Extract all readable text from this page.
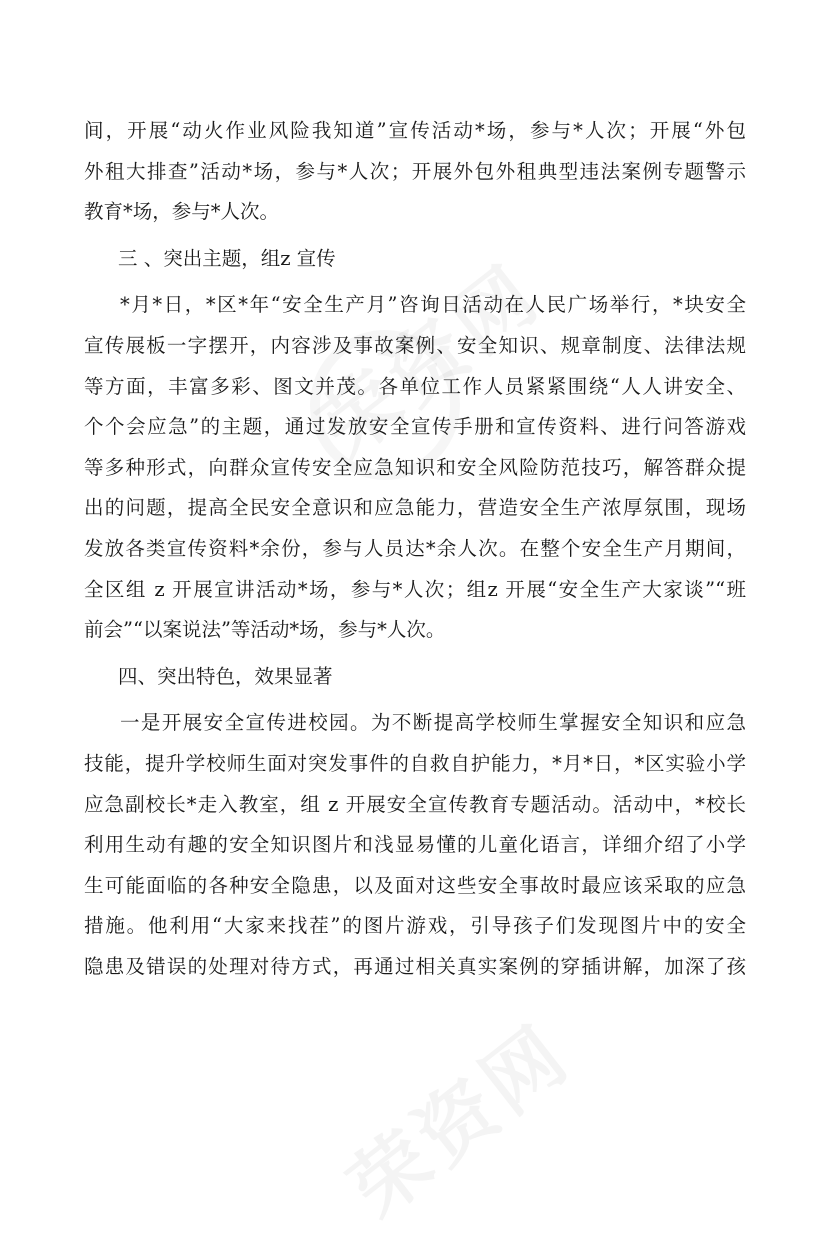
间，开展“动火作业风险我知道”宣传活动*场，参与*人次；开展“外包
外租大排查”活动*场，参与*人次；开展外包外租典型违法案例专题警示
教育*场，参与*人次。
三 、突出主题，组z 宣传
*月*日，*区*年“安全生产月”咨询日活动在人民广场举行，*块安全
宣传展板一字摆开，内容涉及事故案例、安全知识、规章制度、法律法规
等方面，丰富多彩、图文并茂。各单位工作人员紧紧围绕“人人讲安全、
个个会应急”的主题，通过发放安全宣传手册和宣传资料、进行问答游戏
等多种形式，向群众宣传安全应急知识和安全风险防范技巧，解答群众提
出的问题，提高全民安全意识和应急能力，营造安全生产浓厚氛围，现场
发放各类宣传资料*余份，参与人员达*余人次。在整个安全生产月期间，
全区组 z 开展宣讲活动*场，参与*人次；组z 开展“安全生产大家谈”“班
前会”“以案说法”等活动*场，参与*人次。
四、突出特色，效果显著
一是开展安全宣传进校园。为不断提高学校师生掌握安全知识和应急
技能，提升学校师生面对突发事件的自救自护能力，*月*日，*区实验小学
应急副校长*走入教室，组 z 开展安全宣传教育专题活动。活动中，*校长
利用生动有趣的安全知识图片和浅显易懂的儿童化语言，详细介绍了小学
生可能面临的各种安全隐患，以及面对这些安全事故时最应该采取的应急
措施。他利用“大家来找茬”的图片游戏，引导孩子们发现图片中的安全
隐患及错误的处理对待方式，再通过相关真实案例的穿插讲解，加深了孩
